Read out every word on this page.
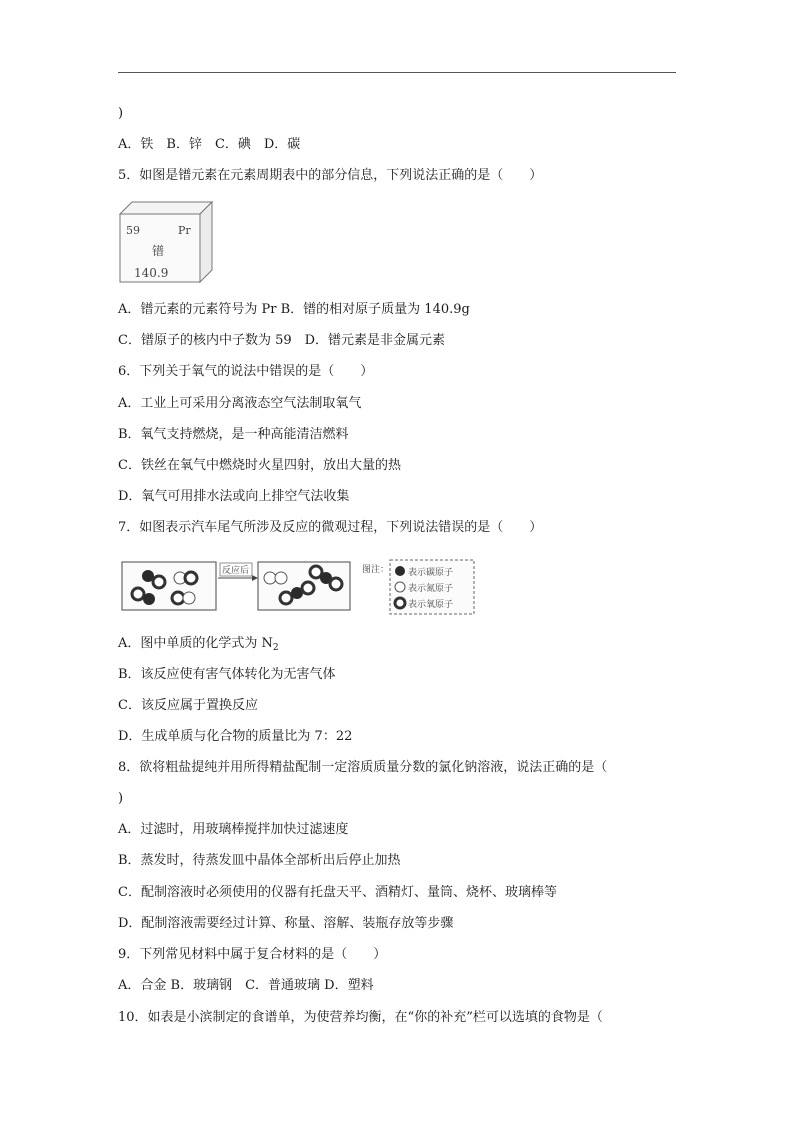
)
A．铁　B．锌　C．碘　D．碳
5．如图是镨元素在元素周期表中的部分信息，下列说法正确的是（　　）
59	Pr
镨
140.9
A．镨元素的元素符号为 Pr B．镨的相对原子质量为 140.9g
C．镨原子的核内中子数为 59　D．镨元素是非金属元素
6．下列关于氧气的说法中错误的是（　　）
A．工业上可采用分离液态空气法制取氧气
B．氧气支持燃烧，是一种高能清洁燃料
C．铁丝在氧气中燃烧时火星四射，放出大量的热
D．氧气可用排水法或向上排空气法收集
7．如图表示汽车尾气所涉及反应的微观过程，下列说法错误的是（　　）
反应后	图注： 表示碳原子
表示氮原子
表示氧原子
A．图中单质的化学式为 $N_2$
B．该反应使有害气体转化为无害气体
C．该反应属于置换反应
D．生成单质与化合物的质量比为 7：22
8．欲将粗盐提纯并用所得精盐配制一定溶质质量分数的氯化钠溶液，说法正确的是（
)
A．过滤时，用玻璃棒搅拌加快过滤速度
B．蒸发时，待蒸发皿中晶体全部析出后停止加热
C．配制溶液时必须使用的仪器有托盘天平、酒精灯、量筒、烧杯、玻璃棒等
D．配制溶液需要经过计算、称量、溶解、装瓶存放等步骤
9．下列常见材料中属于复合材料的是（　　）
A．合金 B．玻璃钢　C．普通玻璃 D．塑料
10．如表是小滨制定的食谱单，为使营养均衡，在“你的补充”栏可以选填的食物是（
